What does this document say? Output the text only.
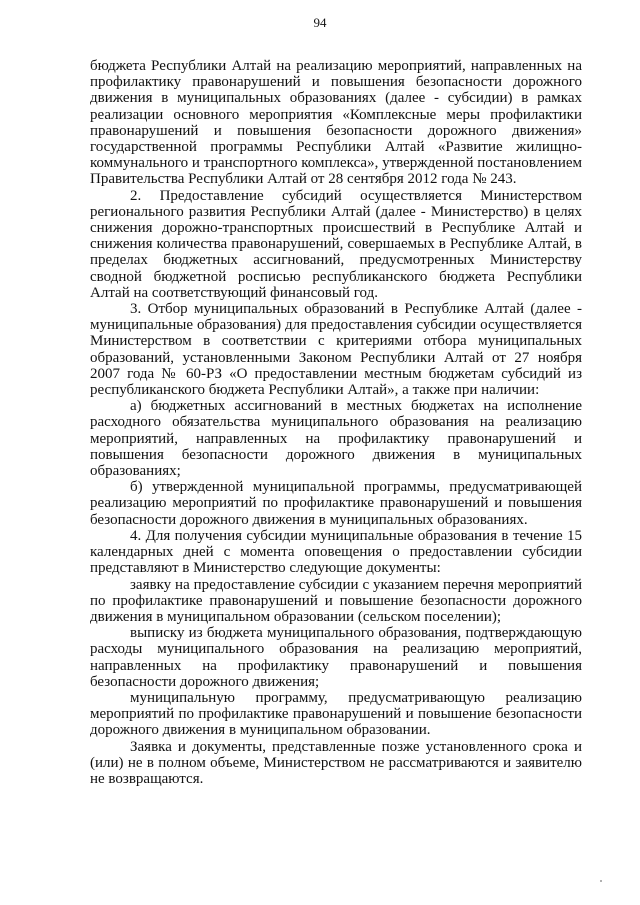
94

бюджета Республики Алтай на реализацию мероприятий, направленных на профилактику правонарушений и повышения безопасности дорожного движения в муниципальных образованиях (далее - субсидии) в рамках реализации основного мероприятия «Комплексные меры профилактики правонарушений и повышения безопасности дорожного движения» государственной программы Республики Алтай «Развитие жилищно-коммунального и транспортного комплекса», утвержденной постановлением Правительства Республики Алтай от 28 сентября 2012 года № 243.

2. Предоставление субсидий осуществляется Министерством регионального развития Республики Алтай (далее - Министерство) в целях снижения дорожно-транспортных происшествий в Республике Алтай и снижения количества правонарушений, совершаемых в Республике Алтай, в пределах бюджетных ассигнований, предусмотренных Министерству сводной бюджетной росписью республиканского бюджета Республики Алтай на соответствующий финансовый год.

3. Отбор муниципальных образований в Республике Алтай (далее - муниципальные образования) для предоставления субсидии осуществляется Министерством в соответствии с критериями отбора муниципальных образований, установленными Законом Республики Алтай от 27 ноября 2007 года № 60-РЗ «О предоставлении местным бюджетам субсидий из республиканского бюджета Республики Алтай», а также при наличии:

а) бюджетных ассигнований в местных бюджетах на исполнение расходного обязательства муниципального образования на реализацию мероприятий, направленных на профилактику правонарушений и повышения безопасности дорожного движения в муниципальных образованиях;

б) утвержденной муниципальной программы, предусматривающей реализацию мероприятий по профилактике правонарушений и повышения безопасности дорожного движения в муниципальных образованиях.

4. Для получения субсидии муниципальные образования в течение 15 календарных дней с момента оповещения о предоставлении субсидии представляют в Министерство следующие документы:

заявку на предоставление субсидии с указанием перечня мероприятий по профилактике правонарушений и повышение безопасности дорожного движения в муниципальном образовании (сельском поселении);

выписку из бюджета муниципального образования, подтверждающую расходы муниципального образования на реализацию мероприятий, направленных на профилактику правонарушений и повышения безопасности дорожного движения;

муниципальную программу, предусматривающую реализацию мероприятий по профилактике правонарушений и повышение безопасности дорожного движения в муниципальном образовании.

Заявка и документы, представленные позже установленного срока и (или) не в полном объеме, Министерством не рассматриваются и заявителю не возвращаются.
